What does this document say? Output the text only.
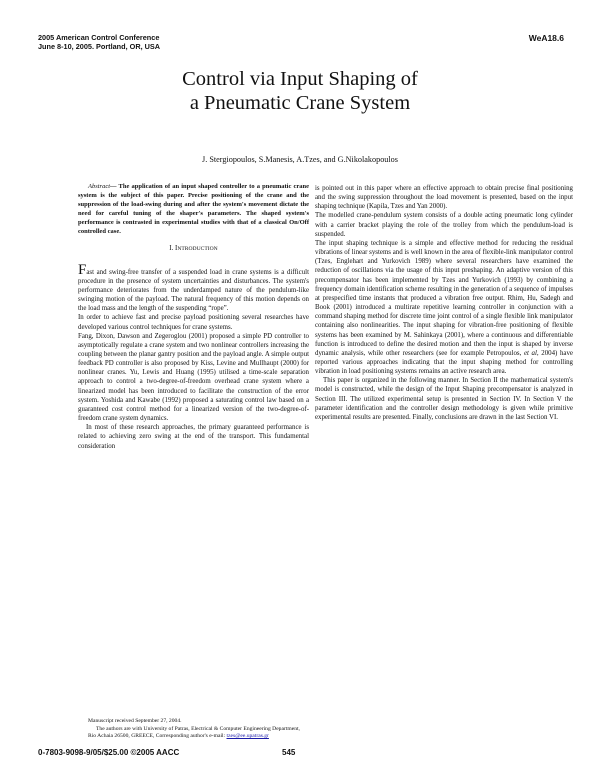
2005 American Control Conference
June 8-10, 2005. Portland, OR, USA
WeA18.6
Control via Input Shaping of
a Pneumatic Crane System
J. Stergiopoulos, S.Manesis, A.Tzes, and G.Nikolakopoulos

Abstract— The application of an input shaped controller to a pneumatic crane system is the subject of this paper. Precise positioning of the crane and the suppression of the load-swing during and after the system's movement dictate the need for careful tuning of the shaper's parameters. The shaped system's performance is contrasted in experimental studies with that of a classical On/Off controlled case.

I. INTRODUCTION

Fast and swing-free transfer of a suspended load in crane systems is a difficult procedure in the presence of system uncertainties and disturbances. The system's performance deteriorates from the underdamped nature of the pendulum-like swinging motion of the payload. The natural frequency of this motion depends on the load mass and the length of the suspending “rope”.

In order to achieve fast and precise payload positioning several researches have developed various control techniques for crane systems.

Fang, Dixon, Dawson and Zegeroglou (2001) proposed a simple PD controller to asymptotically regulate a crane system and two nonlinear controllers increasing the coupling between the planar gantry position and the payload angle. A simple output feedback PD controller is also proposed by Kiss, Levine and Mullhaupt (2000) for nonlinear cranes. Yu, Lewis and Huang (1995) utilised a time-scale separation approach to control a two-degree-of-freedom overhead crane system where a linearized model has been introduced to facilitate the construction of the error system. Yoshida and Kawabe (1992) proposed a saturating control law based on a guaranteed cost control method for a linearized version of the two-degree-of-freedom crane system dynamics.

In most of these research approaches, the primary guaranteed performance is related to achieving zero swing at the end of the transport. This fundamental consideration

Manuscript received September 27, 2004.

The authors are with University of Patras, Electrical & Computer Engineering Department, Rio Achaia 26500, GREECE, Corresponding author's e-mail: tzes@ee.upatras.gr

is pointed out in this paper where an effective approach to obtain precise final positioning and the swing suppression throughout the load movement is presented, based on the input shaping technique (Kapila, Tzes and Yan 2000).

The modelled crane-pendulum system consists of a double acting pneumatic long cylinder with a carrier bracket playing the role of the trolley from which the pendulum-load is suspended.

The input shaping technique is a simple and effective method for reducing the residual vibrations of linear systems and is well known in the area of flexible-link manipulator control (Tzes, Englehart and Yurkovich 1989) where several researchers have examined the reduction of oscillations via the usage of this input preshaping. An adaptive version of this precompensator has been implemented by Tzes and Yurkovich (1993) by combining a frequency domain identification scheme resulting in the generation of a sequence of impulses at prespecified time instants that produced a vibration free output. Rhim, Hu, Sadegh and Book (2001) introduced a multirate repetitive learning controller in conjunction with a command shaping method for discrete time joint control of a single flexible link manipulator containing also nonlinearities. The input shaping for vibration-free positioning of flexible systems has been examined by M. Sahinkaya (2001), where a continuous and differentiable function is introduced to define the desired motion and then the input is shaped by inverse dynamic analysis, while other researchers (see for example Petropoulos, et al, 2004) have reported various approaches indicating that the input shaping method for controlling vibration in load positioning systems remains an active research area.

This paper is organized in the following manner. In Section II the mathematical system's model is constructed, while the design of the Input Shaping precompensator is analyzed in Section III. The utilized experimental setup is presented in Section IV. In Section V the parameter identification and the controller design methodology is given while primitive experimental results are presented. Finally, conclusions are drawn in the last Section VI.

0-7803-9098-9/05/$25.00 ©2005 AACC	545
